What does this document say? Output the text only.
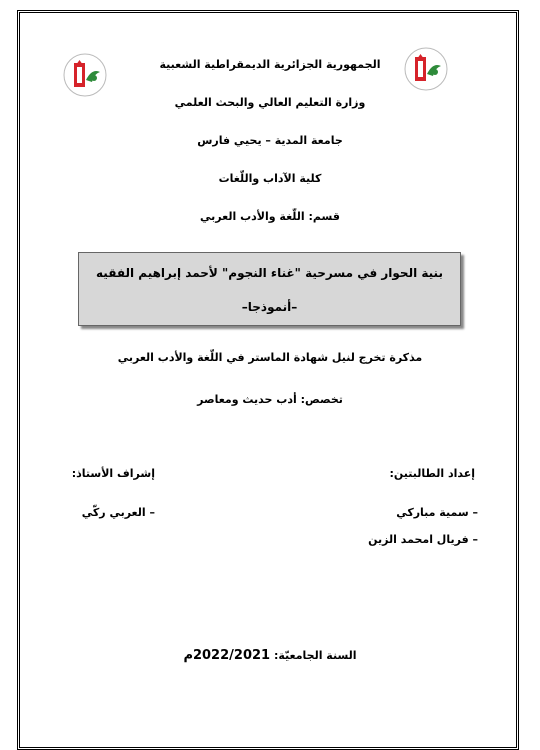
الجمهورية الجزائرية الديمقراطية الشعبية
وزارة التعليم العالي والبحث العلمي
جامعة المدية – يحيي فارس
كلية الآداب واللّغات
قسم: اللّغة والأدب العربي
بنية الحوار في مسرحية "غناء النجوم" لأحمد إبراهيم الفقيه
–أنموذجا–
مذكرة تخرج لنيل شهادة الماستر في اللّغة والأدب العربي
تخصص: أدب حديث ومعاصر
إعداد الطالبتين:
– سمية مباركي
– فريال امحمد الزين
إشراف الأستاذ:
– العربي ركّي
السنة الجامعيّة: 2022/2021م
